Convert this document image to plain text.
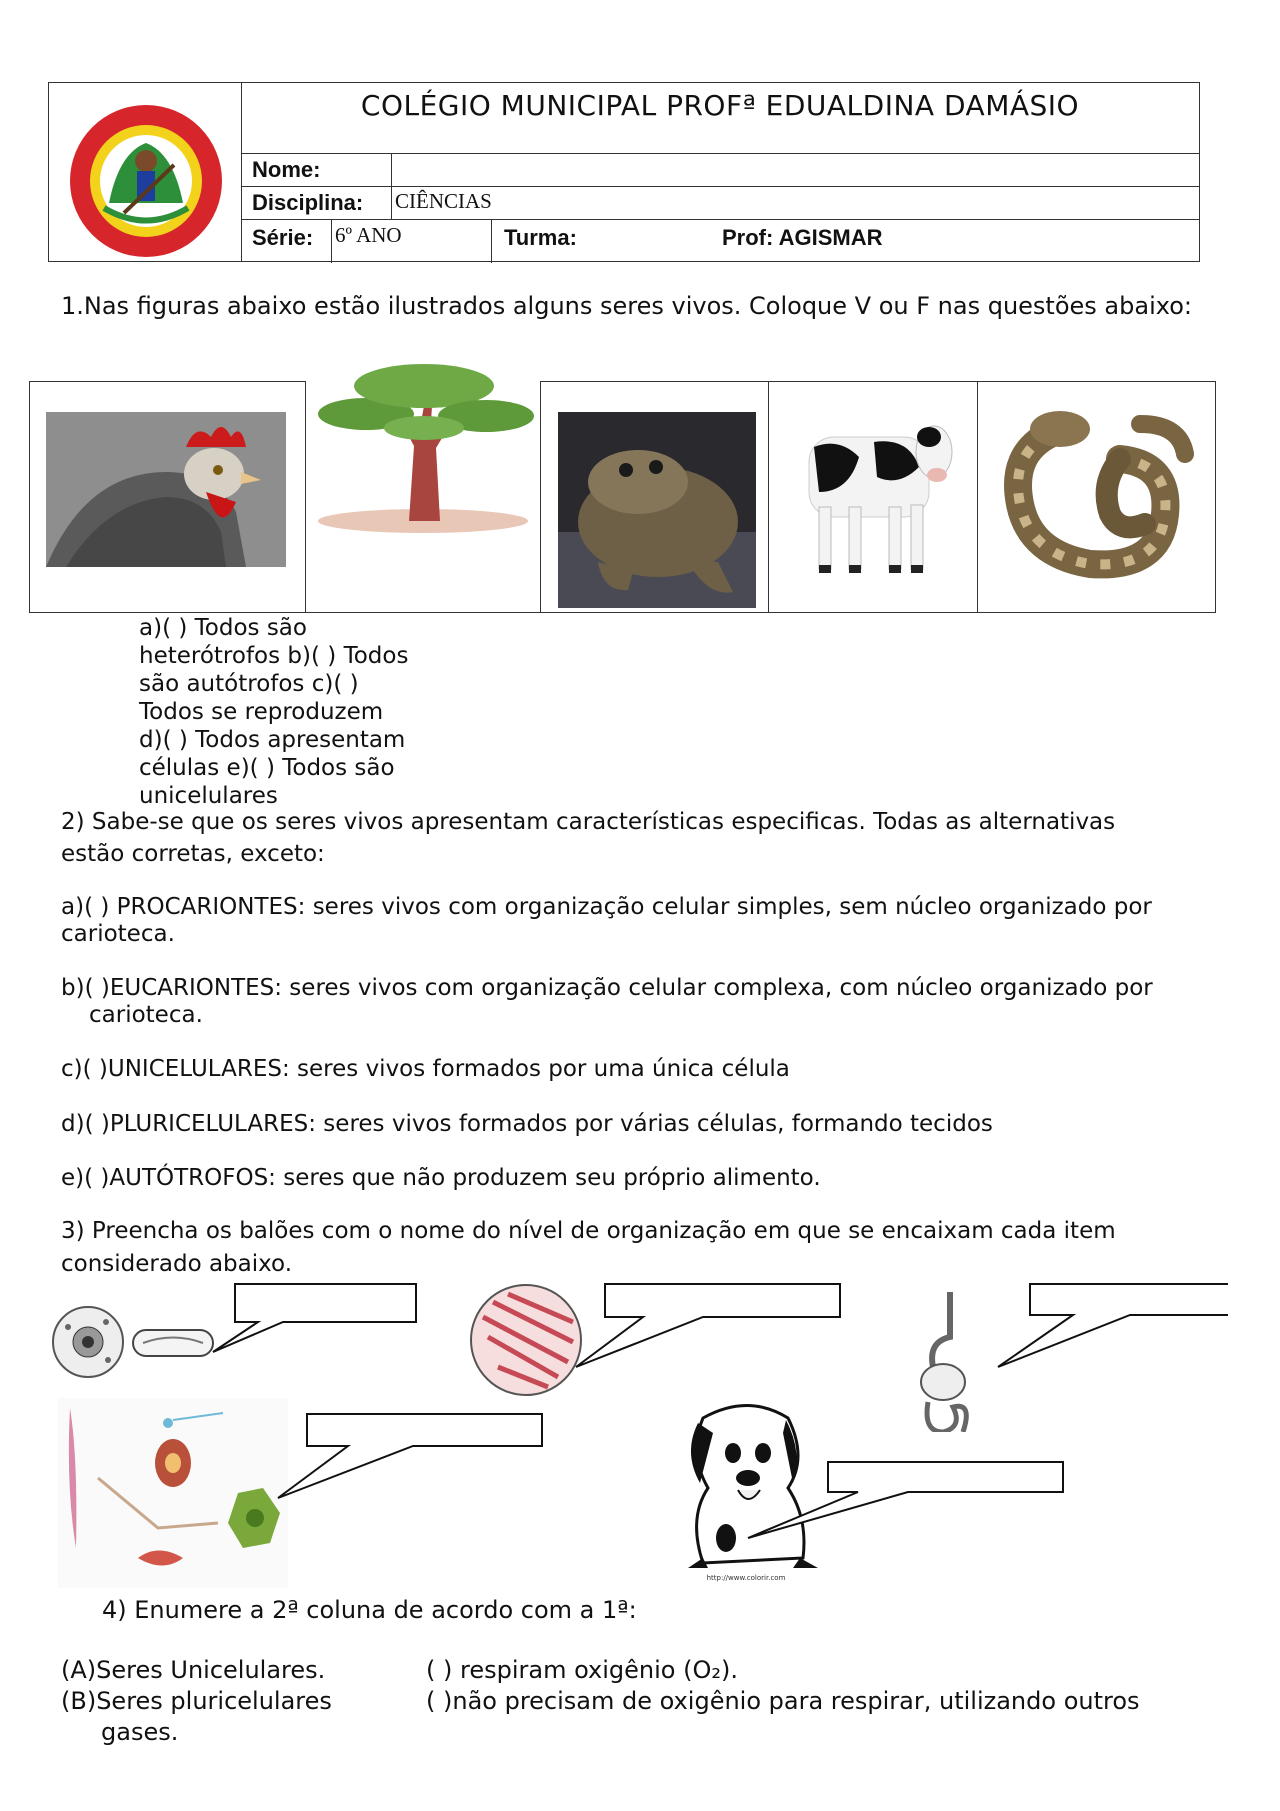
COLÉGIO MUNICIPAL PROFª EDUALDINA DAMÁSIO
Nome:
Disciplina: CIÊNCIAS
Série: 6º ANO	Turma:	Prof: AGISMAR
1.Nas figuras abaixo estão ilustrados alguns seres vivos. Coloque V ou F nas questões abaixo:
a)( ) Todos são
heterótrofos b)( ) Todos
são autótrofos c)( )
Todos se reproduzem
d)( ) Todos apresentam
células e)( ) Todos são
unicelulares
2) Sabe-se que os seres vivos apresentam características especificas. Todas as alternativas
estão corretas, exceto:
a)( ) PROCARIONTES: seres vivos com organização celular simples, sem núcleo organizado por
carioteca.
b)( )EUCARIONTES: seres vivos com organização celular complexa, com núcleo organizado por
carioteca.
c)( )UNICELULARES: seres vivos formados por uma única célula
d)( )PLURICELULARES: seres vivos formados por várias células, formando tecidos
e)( )AUTÓTROFOS: seres que não produzem seu próprio alimento.
3) Preencha os balões com o nome do nível de organização em que se encaixam cada item
considerado abaixo.
http://www.colorir.com
4) Enumere a 2ª coluna de acordo com a 1ª:
(A)Seres Unicelulares.
(B)Seres pluricelulares
( ) respiram oxigênio (O₂).
( )não precisam de oxigênio para respirar, utilizando outros
gases.
